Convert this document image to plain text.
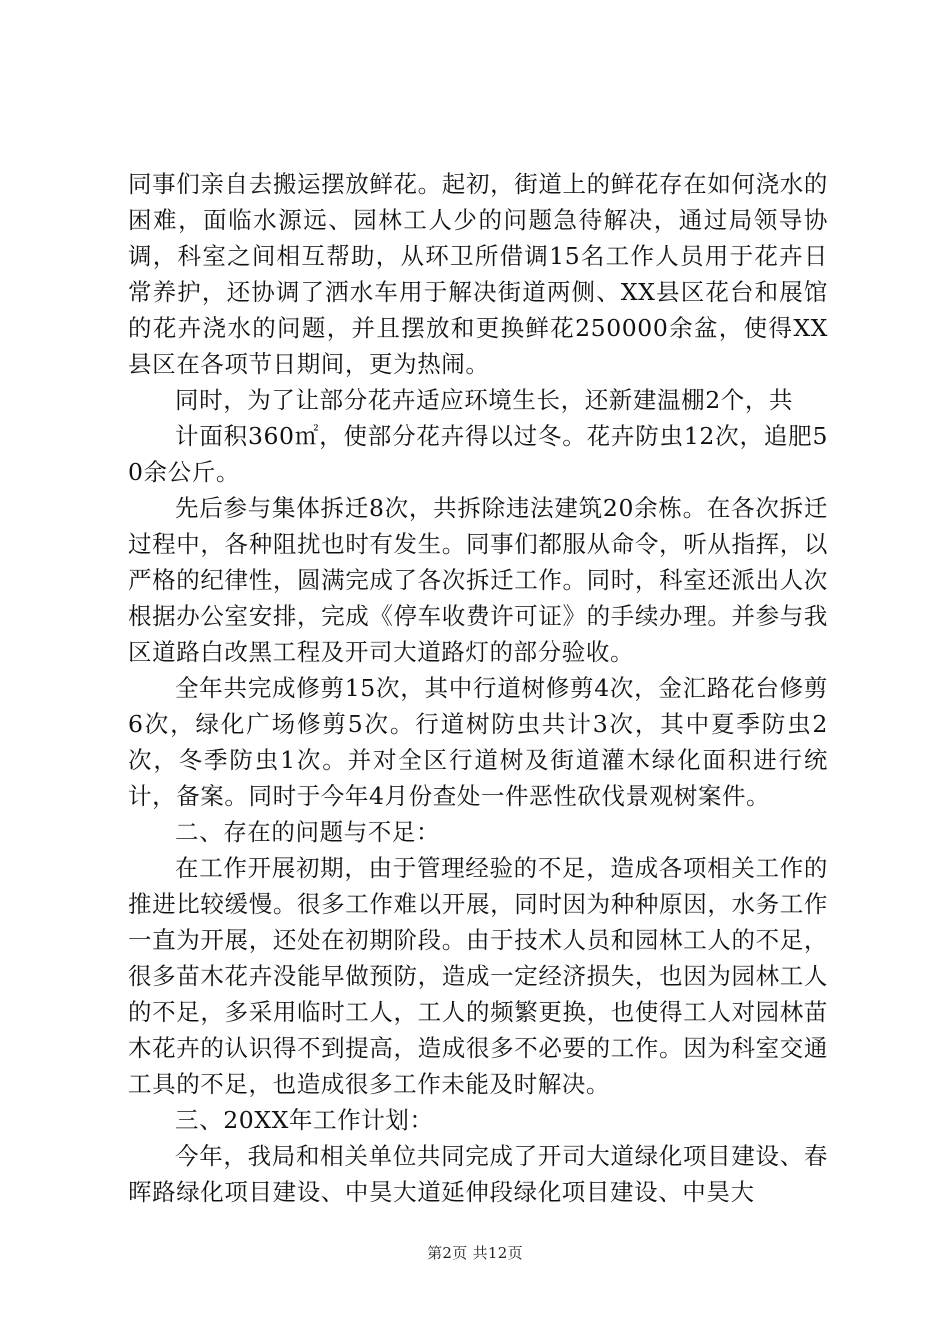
同事们亲自去搬运摆放鲜花。起初，街道上的鲜花存在如何浇水的困难，面临水源远、园林工人少的问题急待解决，通过局领导协调，科室之间相互帮助，从环卫所借调15名工作人员用于花卉日常养护，还协调了洒水车用于解决街道两侧、XX县区花台和展馆的花卉浇水的问题，并且摆放和更换鲜花250000余盆，使得XX县区在各项节日期间，更为热闹。

同时，为了让部分花卉适应环境生长，还新建温棚2个，共

计面积360㎡，使部分花卉得以过冬。花卉防虫12次，追肥50余公斤。

先后参与集体拆迁8次，共拆除违法建筑20余栋。在各次拆迁过程中，各种阻扰也时有发生。同事们都服从命令，听从指挥，以严格的纪律性，圆满完成了各次拆迁工作。同时，科室还派出人次根据办公室安排，完成《停车收费许可证》的手续办理。并参与我区道路白改黑工程及开司大道路灯的部分验收。

全年共完成修剪15次，其中行道树修剪4次，金汇路花台修剪6次，绿化广场修剪5次。行道树防虫共计3次，其中夏季防虫2次，冬季防虫1次。并对全区行道树及街道灌木绿化面积进行统计，备案。同时于今年4月份查处一件恶性砍伐景观树案件。

二、存在的问题与不足：

在工作开展初期，由于管理经验的不足，造成各项相关工作的推进比较缓慢。很多工作难以开展，同时因为种种原因，水务工作一直为开展，还处在初期阶段。由于技术人员和园林工人的不足，很多苗木花卉没能早做预防，造成一定经济损失，也因为园林工人的不足，多采用临时工人，工人的频繁更换，也使得工人对园林苗木花卉的认识得不到提高，造成很多不必要的工作。因为科室交通工具的不足，也造成很多工作未能及时解决。

三、20XX年工作计划：

今年，我局和相关单位共同完成了开司大道绿化项目建设、春晖路绿化项目建设、中昊大道延伸段绿化项目建设、中昊大

第2页 共12页
